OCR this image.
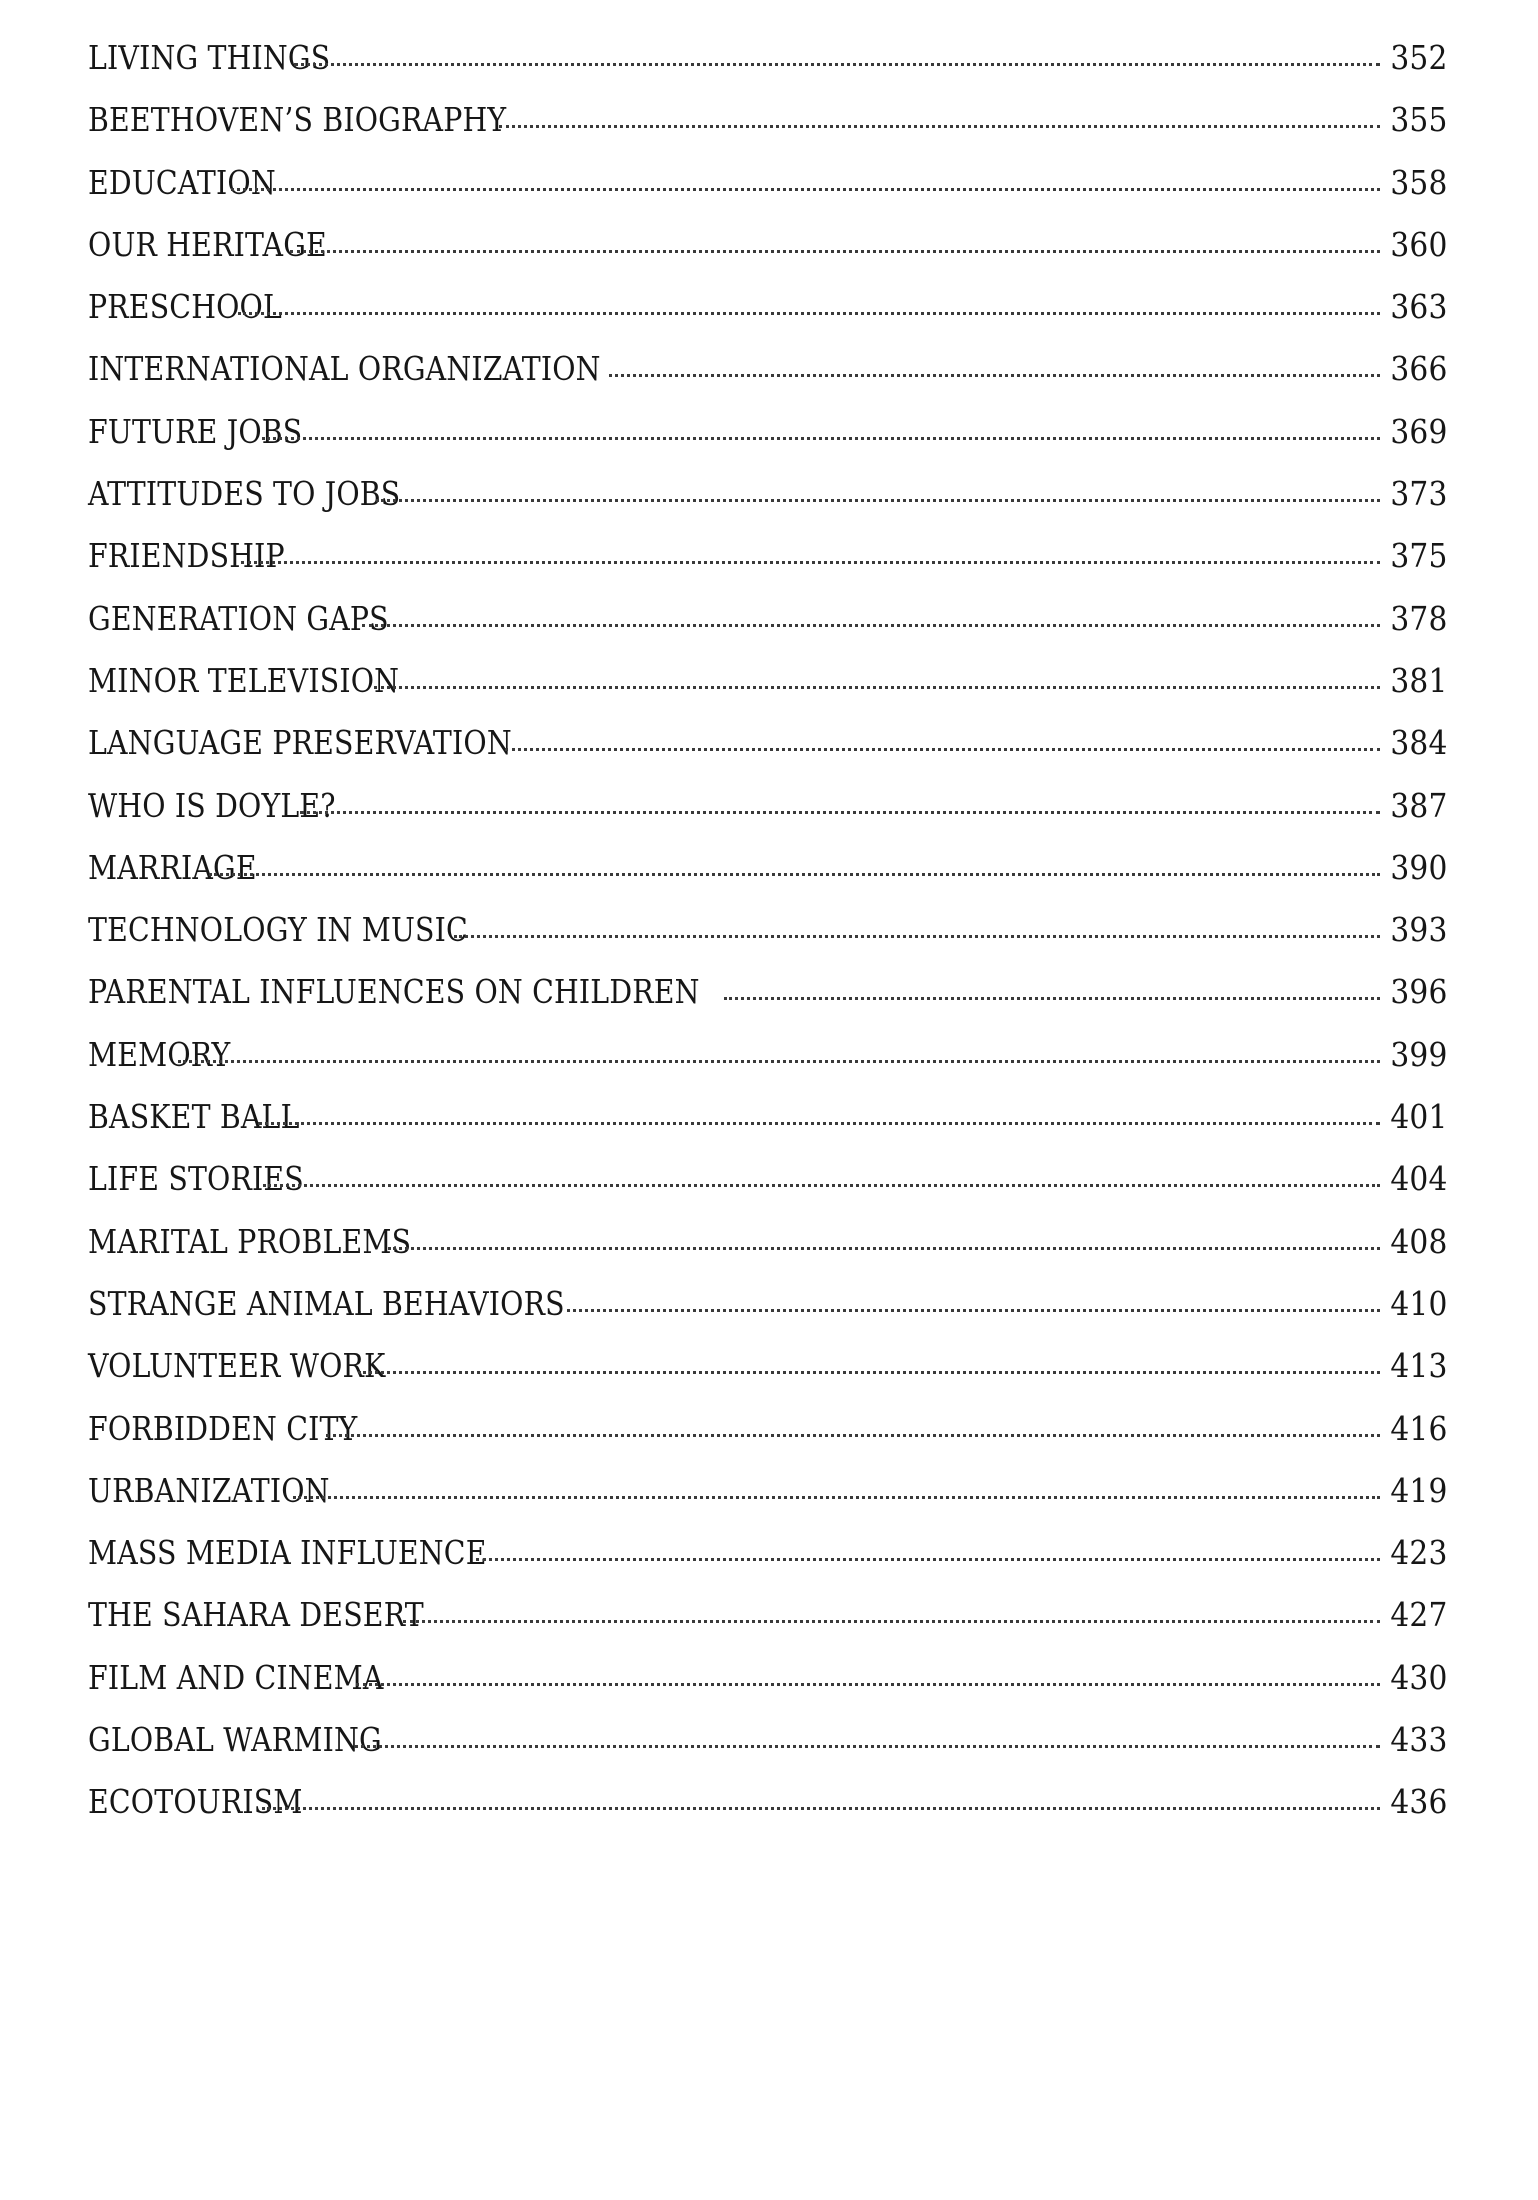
LIVING THINGS	352
BEETHOVEN’S BIOGRAPHY	355
EDUCATION	358
OUR HERITAGE	360
PRESCHOOL	363
INTERNATIONAL ORGANIZATION	366
FUTURE JOBS	369
ATTITUDES TO JOBS	373
FRIENDSHIP	375
GENERATION GAPS	378
MINOR TELEVISION	381
LANGUAGE PRESERVATION	384
WHO IS DOYLE?	387
MARRIAGE	390
TECHNOLOGY IN MUSIC	393
PARENTAL INFLUENCES ON CHILDREN	396
MEMORY	399
BASKET BALL	401
LIFE STORIES	404
MARITAL PROBLEMS	408
STRANGE ANIMAL BEHAVIORS	410
VOLUNTEER WORK	413
FORBIDDEN CITY	416
URBANIZATION	419
MASS MEDIA INFLUENCE	423
THE SAHARA DESERT	427
FILM AND CINEMA	430
GLOBAL WARMING	433
ECOTOURISM	436
